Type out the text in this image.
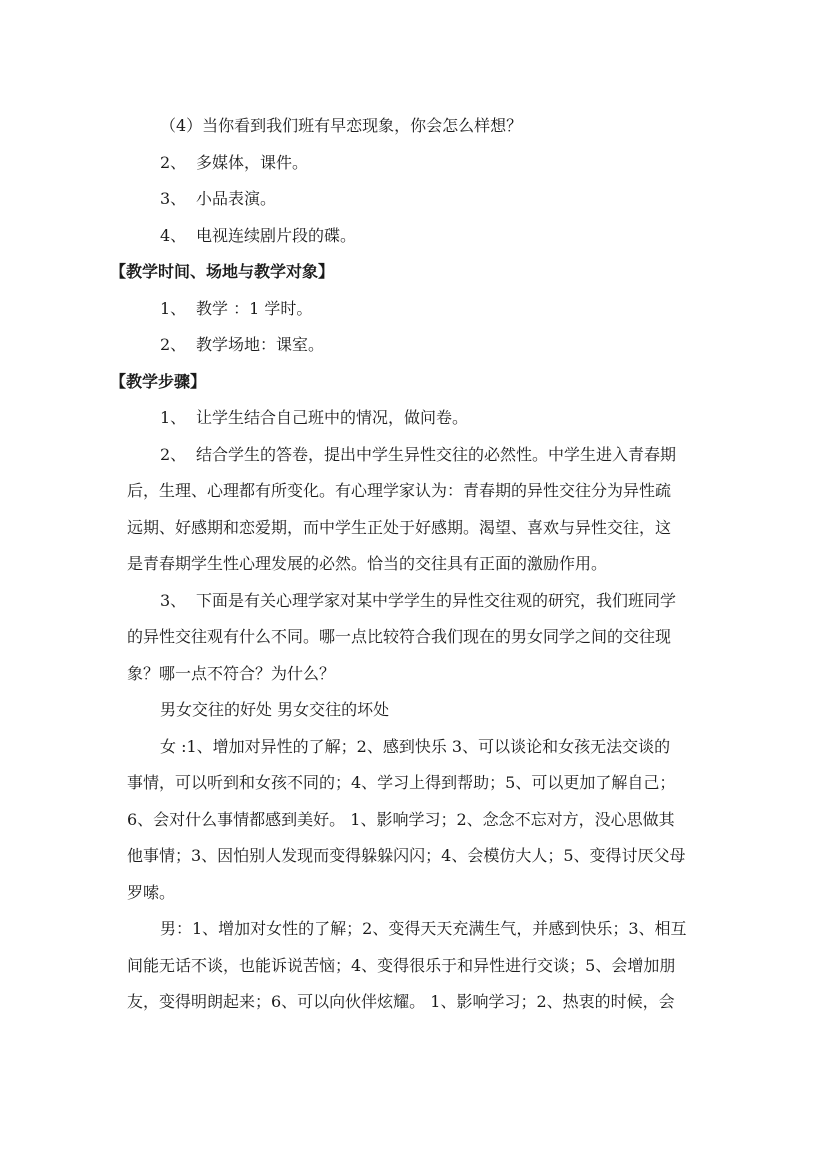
（4）当你看到我们班有早恋现象，你会怎么样想？
2、 多媒体，课件。
3、 小品表演。
4、 电视连续剧片段的碟。
【教学时间、场地与教学对象】
1、 教学 ：1 学时。
2、 教学场地：课室。
【教学步骤】
1、 让学生结合自己班中的情况，做问卷。
2、 结合学生的答卷，提出中学生异性交往的必然性。中学生进入青春期
后，生理、心理都有所变化。有心理学家认为：青春期的异性交往分为异性疏
远期、好感期和恋爱期，而中学生正处于好感期。渴望、喜欢与异性交往，这
是青春期学生性心理发展的必然。恰当的交往具有正面的激励作用。
3、 下面是有关心理学家对某中学学生的异性交往观的研究，我们班同学
的异性交往观有什么不同。哪一点比较符合我们现在的男女同学之间的交往现
象？哪一点不符合？为什么？
男女交往的好处 男女交往的坏处
女 :1、增加对异性的了解；2、感到快乐 3、可以谈论和女孩无法交谈的
事情，可以听到和女孩不同的；4、学习上得到帮助；5、可以更加了解自己；
6、会对什么事情都感到美好。 1、影响学习；2、念念不忘对方，没心思做其
他事情；3、因怕别人发现而变得躲躲闪闪；4、会模仿大人；5、变得讨厌父母
罗嗦。
男：1、增加对女性的了解；2、变得天天充满生气，并感到快乐；3、相互
间能无话不谈，也能诉说苦恼；4、变得很乐于和异性进行交谈；5、会增加朋
友，变得明朗起来；6、可以向伙伴炫耀。 1、影响学习；2、热衷的时候，会
